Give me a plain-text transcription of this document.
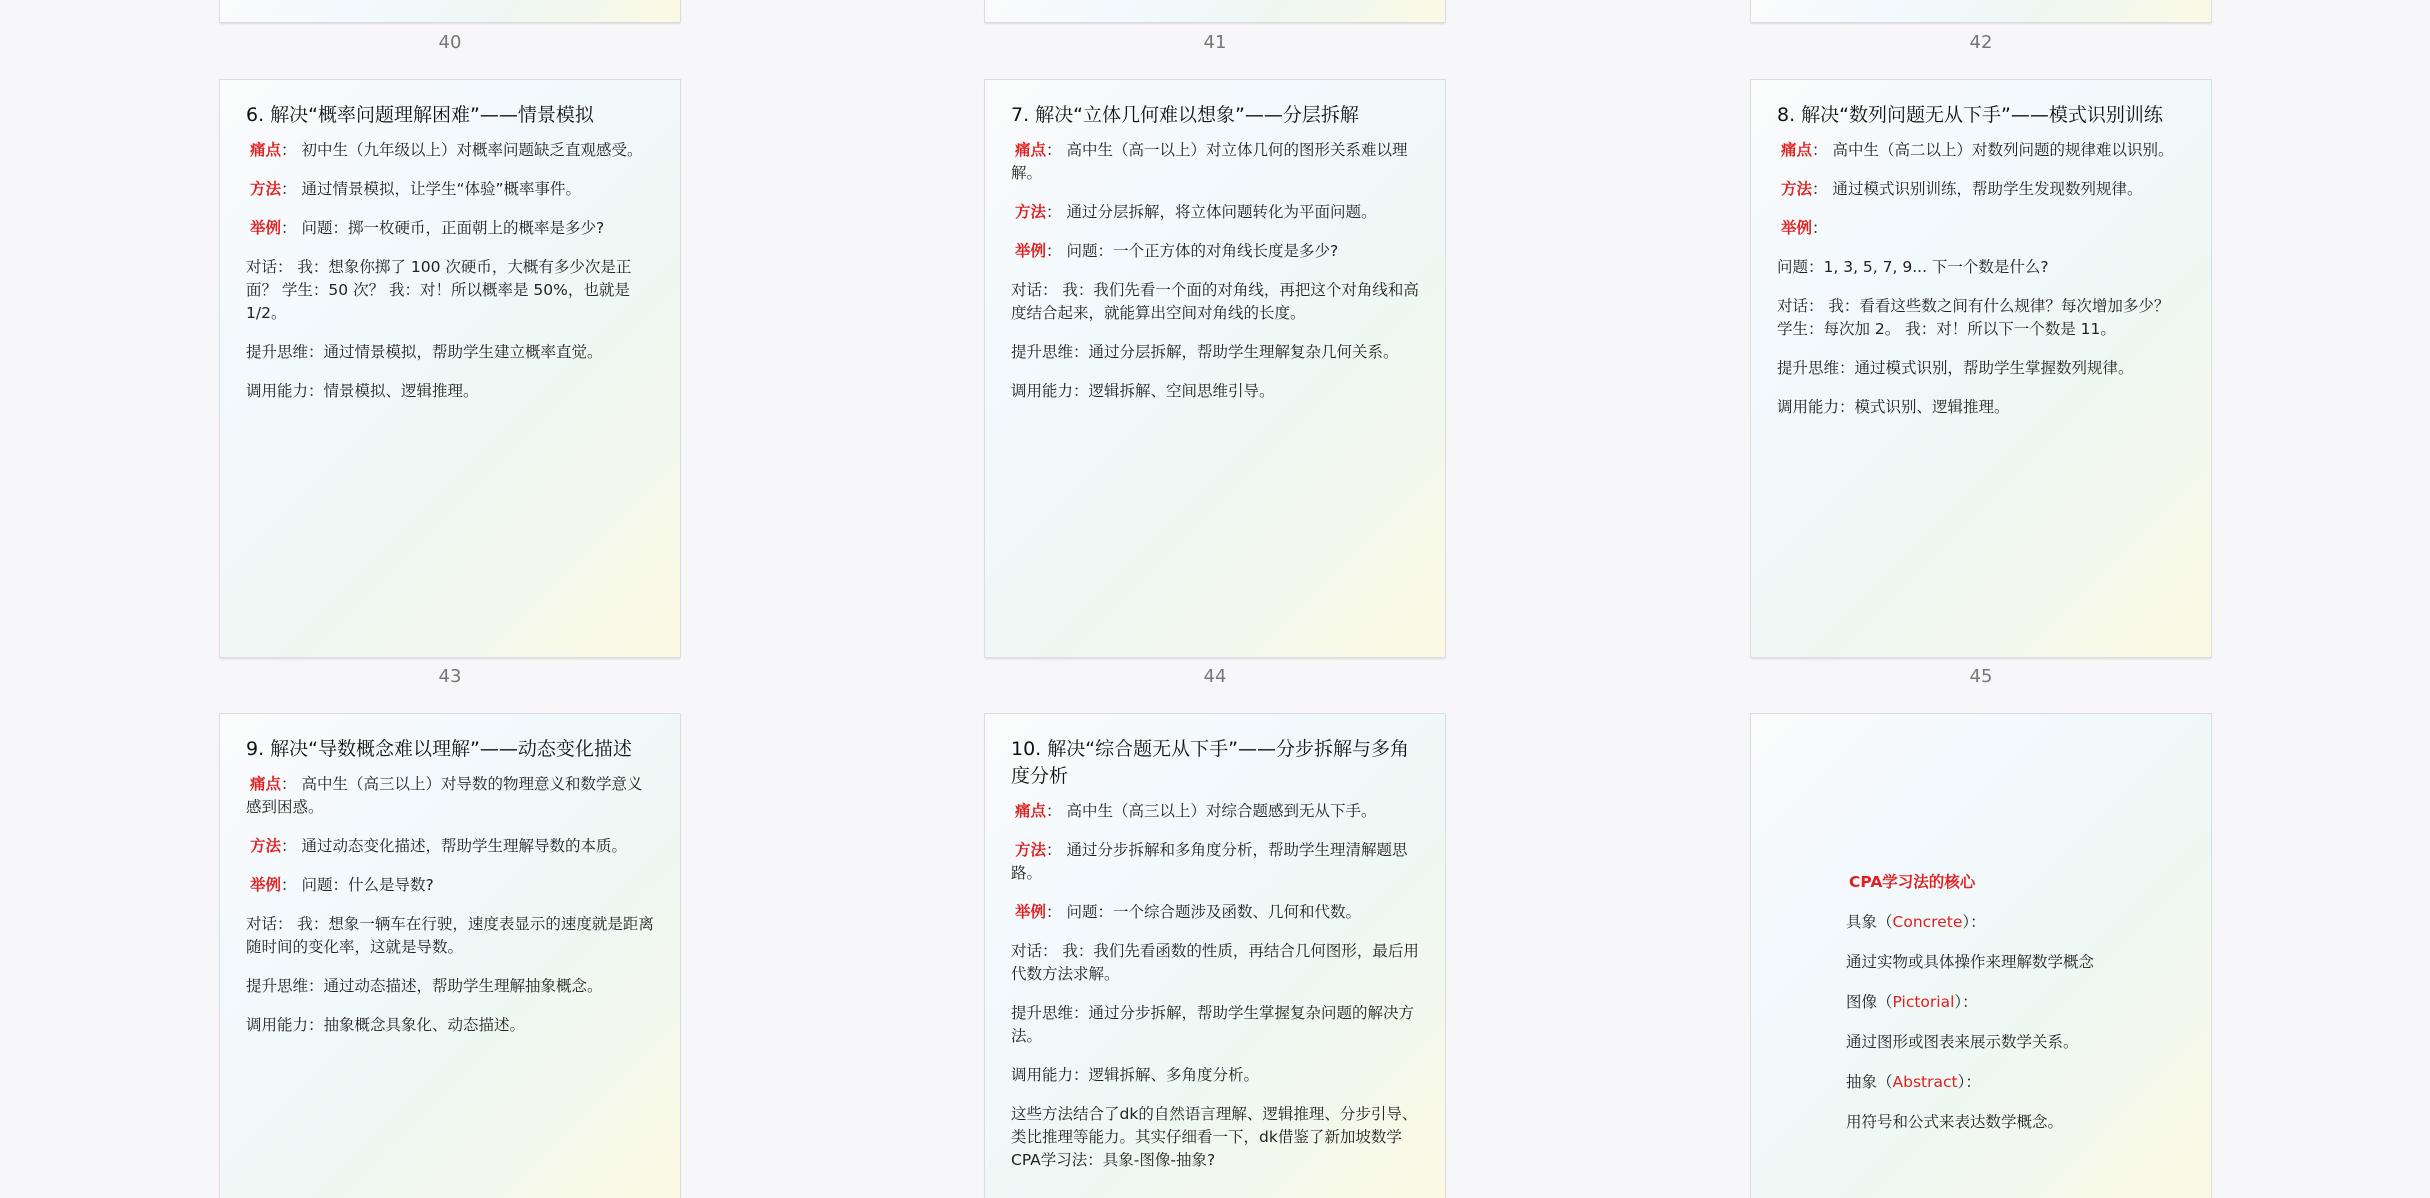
40	41	42
6. 解决“概率问题理解困难”——情景模拟

痛点： 初中生（九年级以上）对概率问题缺乏直观感受。

方法： 通过情景模拟，让学生“体验”概率事件。

举例： 问题：掷一枚硬币，正面朝上的概率是多少?

对话： 我：想象你掷了 100 次硬币，大概有多少次是正面？ 学生：50 次？ 我：对！所以概率是 50%，也就是 1/2。

提升思维：通过情景模拟，帮助学生建立概率直觉。

调用能力：情景模拟、逻辑推理。

7. 解决“立体几何难以想象”——分层拆解

痛点： 高中生（高一以上）对立体几何的图形关系难以理解。

方法： 通过分层拆解，将立体问题转化为平面问题。

举例： 问题：一个正方体的对角线长度是多少?

对话： 我：我们先看一个面的对角线，再把这个对角线和高度结合起来，就能算出空间对角线的长度。

提升思维：通过分层拆解，帮助学生理解复杂几何关系。

调用能力：逻辑拆解、空间思维引导。

8. 解决“数列问题无从下手”——模式识别训练

痛点： 高中生（高二以上）对数列问题的规律难以识别。

方法： 通过模式识别训练，帮助学生发现数列规律。

举例：

问题：1, 3, 5, 7, 9... 下一个数是什么?

对话： 我：看看这些数之间有什么规律？每次增加多少？ 学生：每次加 2。 我：对！所以下一个数是 11。

提升思维：通过模式识别，帮助学生掌握数列规律。

调用能力：模式识别、逻辑推理。

43	44	45
9. 解决“导数概念难以理解”——动态变化描述

痛点： 高中生（高三以上）对导数的物理意义和数学意义感到困惑。

方法： 通过动态变化描述，帮助学生理解导数的本质。

举例： 问题：什么是导数?

对话： 我：想象一辆车在行驶，速度表显示的速度就是距离随时间的变化率，这就是导数。

提升思维：通过动态描述，帮助学生理解抽象概念。

调用能力：抽象概念具象化、动态描述。

10. 解决“综合题无从下手”——分步拆解与多角度分析

痛点： 高中生（高三以上）对综合题感到无从下手。

方法： 通过分步拆解和多角度分析，帮助学生理清解题思路。

举例： 问题：一个综合题涉及函数、几何和代数。

对话： 我：我们先看函数的性质，再结合几何图形，最后用代数方法求解。

提升思维：通过分步拆解，帮助学生掌握复杂问题的解决方法。

调用能力：逻辑拆解、多角度分析。

这些方法结合了dk的自然语言理解、逻辑推理、分步引导、类比推理等能力。其实仔细看一下，dk借鉴了新加坡数学CPA学习法：具象-图像-抽象?

CPA学习法的核心

具象（Concrete）：

通过实物或具体操作来理解数学概念

图像（Pictorial）：

通过图形或图表来展示数学关系。

抽象（Abstract）：

用符号和公式来表达数学概念。
